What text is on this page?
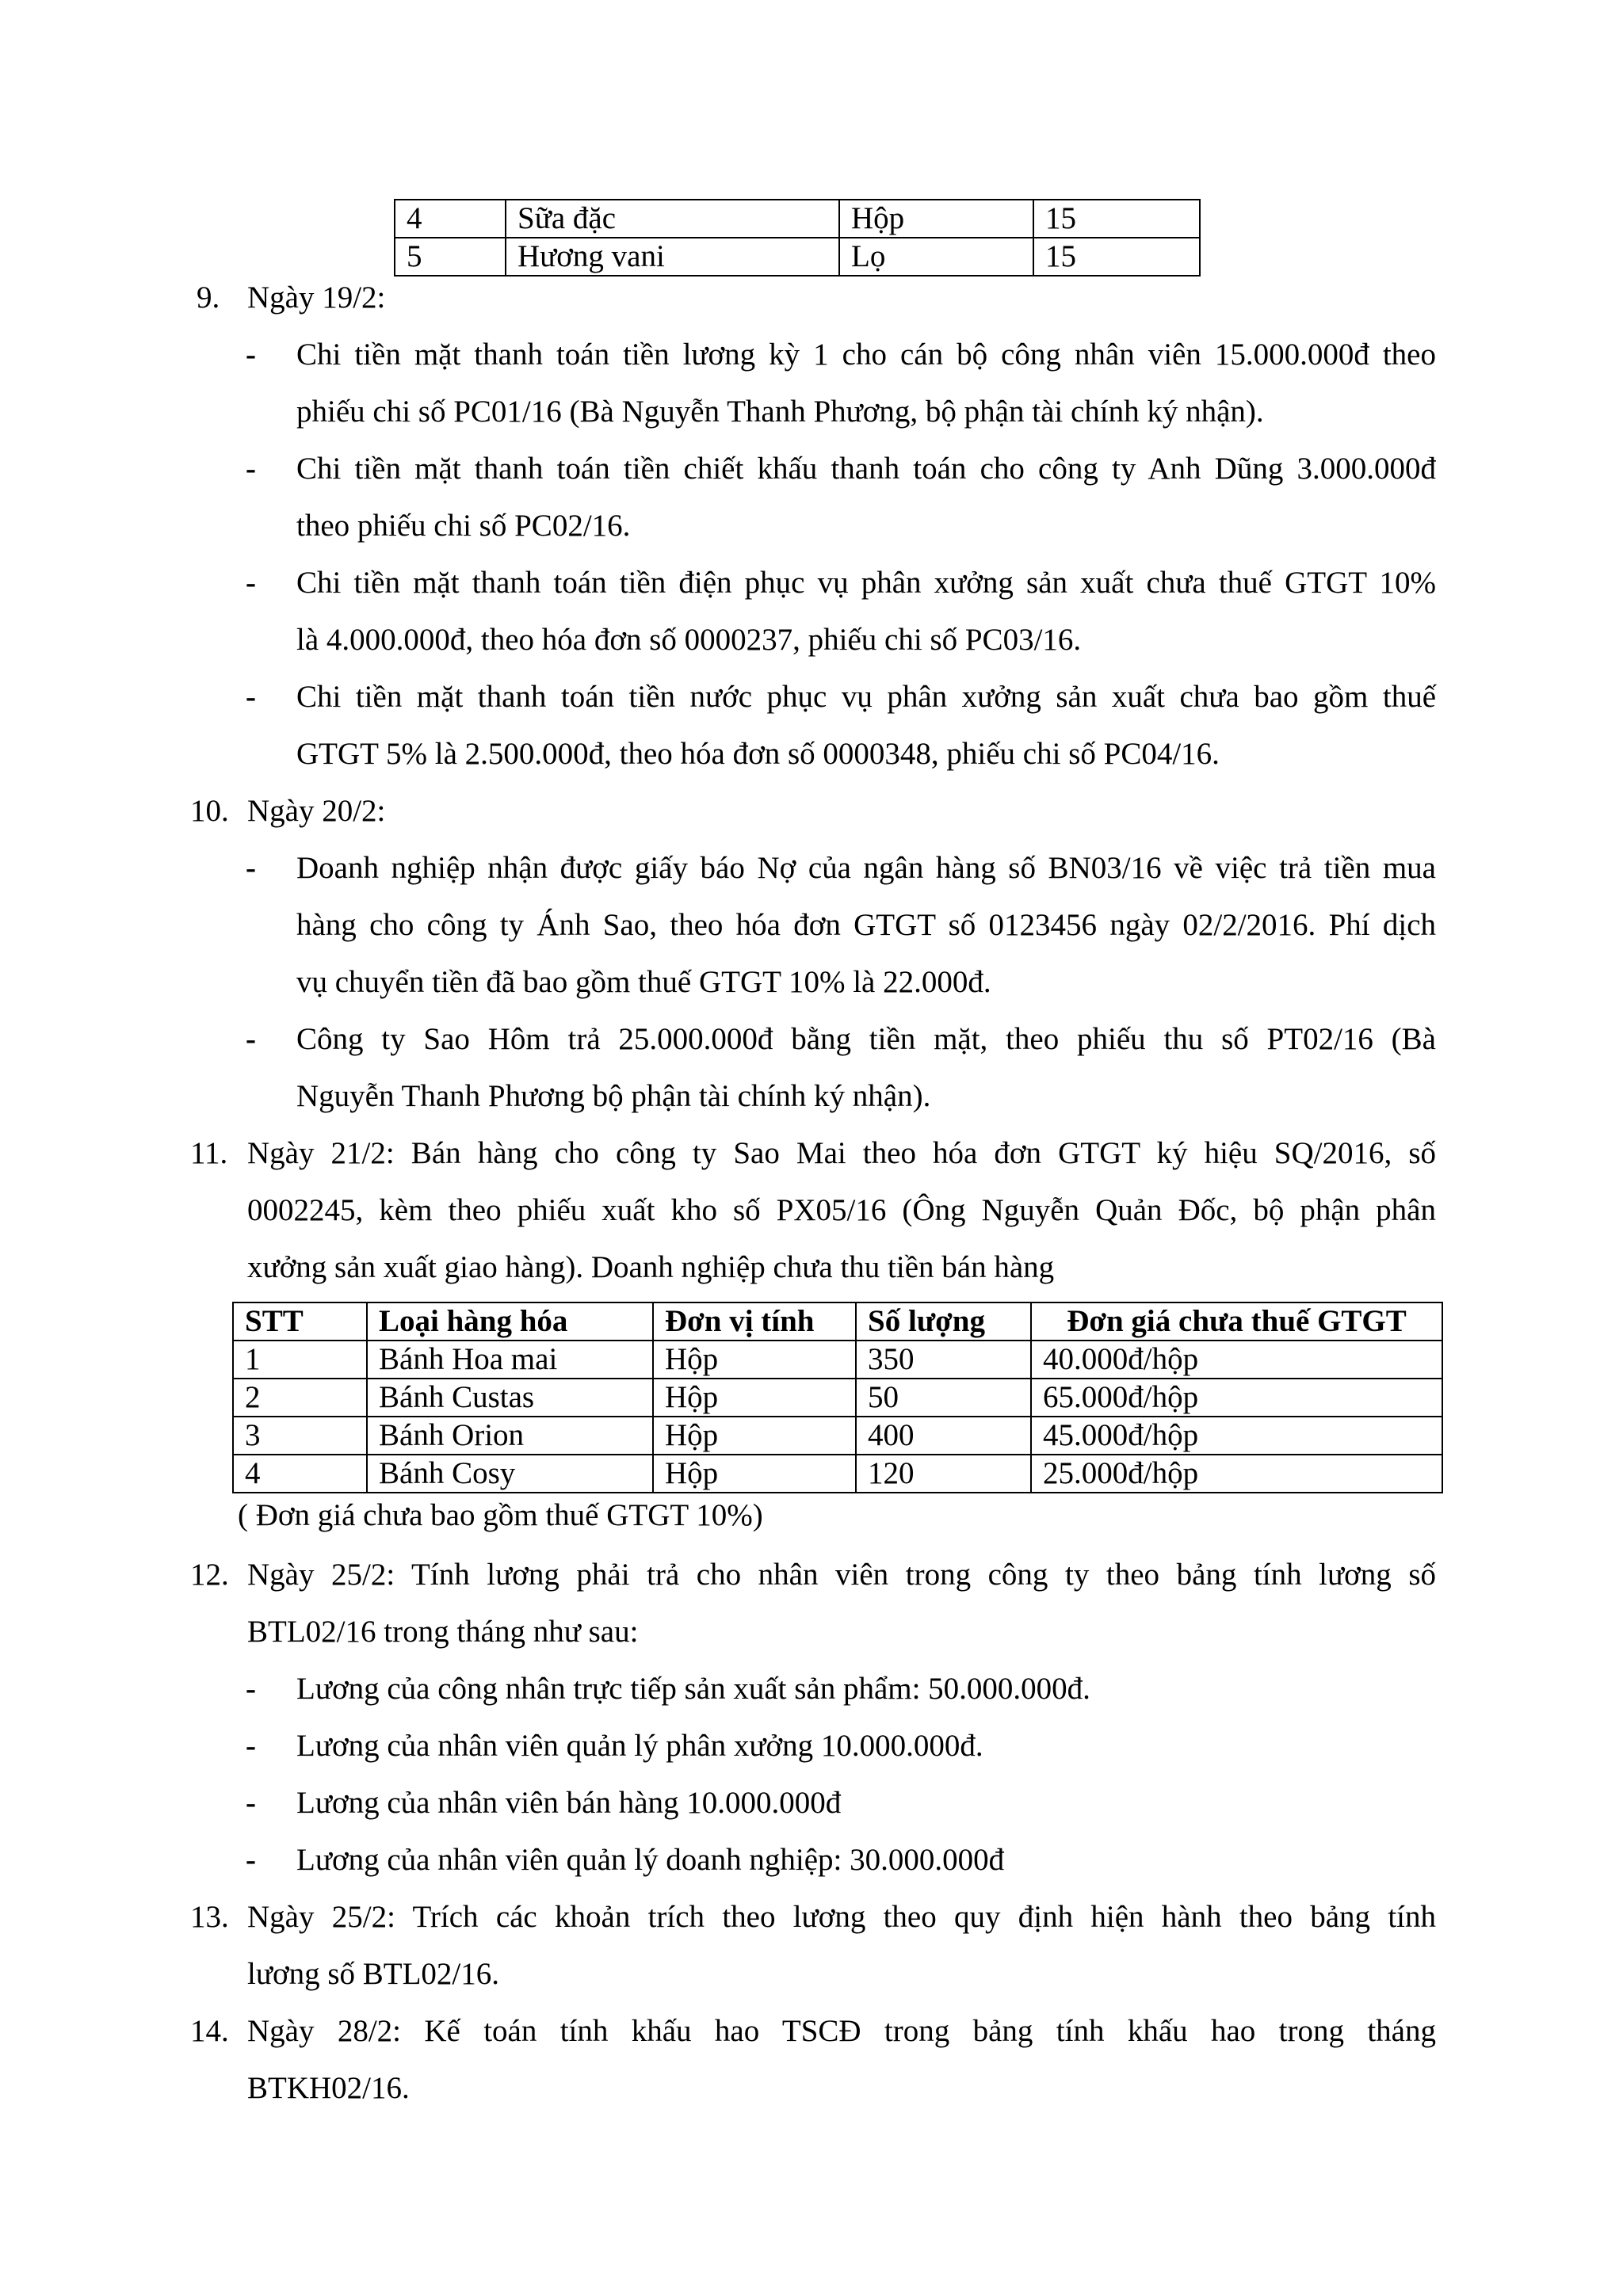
4	Sữa đặc	Hộp	15
5	Hương vani	Lọ	15
9. Ngày 19/2:
-	Chi tiền mặt thanh toán tiền lương kỳ 1 cho cán bộ công nhân viên 15.000.000đ theo
phiếu chi số PC01/16 (Bà Nguyễn Thanh Phương, bộ phận tài chính ký nhận).
-	Chi tiền mặt thanh toán tiền chiết khấu thanh toán cho công ty Anh Dũng 3.000.000đ
theo phiếu chi số PC02/16.
-	Chi tiền mặt thanh toán tiền điện phục vụ phân xưởng sản xuất chưa thuế GTGT 10%
là 4.000.000đ, theo hóa đơn số 0000237, phiếu chi số PC03/16.
-	Chi tiền mặt thanh toán tiền nước phục vụ phân xưởng sản xuất chưa bao gồm thuế
GTGT 5% là 2.500.000đ, theo hóa đơn số 0000348, phiếu chi số PC04/16.
10. Ngày 20/2:
-	Doanh nghiệp nhận được giấy báo Nợ của ngân hàng số BN03/16 về việc trả tiền mua
hàng cho công ty Ánh Sao, theo hóa đơn GTGT số 0123456 ngày 02/2/2016. Phí dịch
vụ chuyển tiền đã bao gồm thuế GTGT 10% là 22.000đ.
-	Công ty Sao Hôm trả 25.000.000đ bằng tiền mặt, theo phiếu thu số PT02/16 (Bà
Nguyễn Thanh Phương bộ phận tài chính ký nhận).
11. Ngày 21/2: Bán hàng cho công ty Sao Mai theo hóa đơn GTGT ký hiệu SQ/2016, số
0002245, kèm theo phiếu xuất kho số PX05/16 (Ông Nguyễn Quản Đốc, bộ phận phân
xưởng sản xuất giao hàng). Doanh nghiệp chưa thu tiền bán hàng
STT	Loại hàng hóa	Đơn vị tính	Số lượng	Đơn giá chưa thuế GTGT
1	Bánh Hoa mai	Hộp	350	40.000đ/hộp
2	Bánh Custas	Hộp	50	65.000đ/hộp
3	Bánh Orion	Hộp	400	45.000đ/hộp
4	Bánh Cosy	Hộp	120	25.000đ/hộp
( Đơn giá chưa bao gồm thuế GTGT 10%)
12. Ngày 25/2: Tính lương phải trả cho nhân viên trong công ty theo bảng tính lương số
BTL02/16 trong tháng như sau:
-	Lương của công nhân trực tiếp sản xuất sản phẩm: 50.000.000đ.
-	Lương của nhân viên quản lý phân xưởng 10.000.000đ.
-	Lương của nhân viên bán hàng 10.000.000đ
-	Lương của nhân viên quản lý doanh nghiệp: 30.000.000đ
13. Ngày 25/2: Trích các khoản trích theo lương theo quy định hiện hành theo bảng tính
lương số BTL02/16.
14. Ngày 28/2: Kế toán tính khấu hao TSCĐ trong bảng tính khấu hao trong tháng
BTKH02/16.
